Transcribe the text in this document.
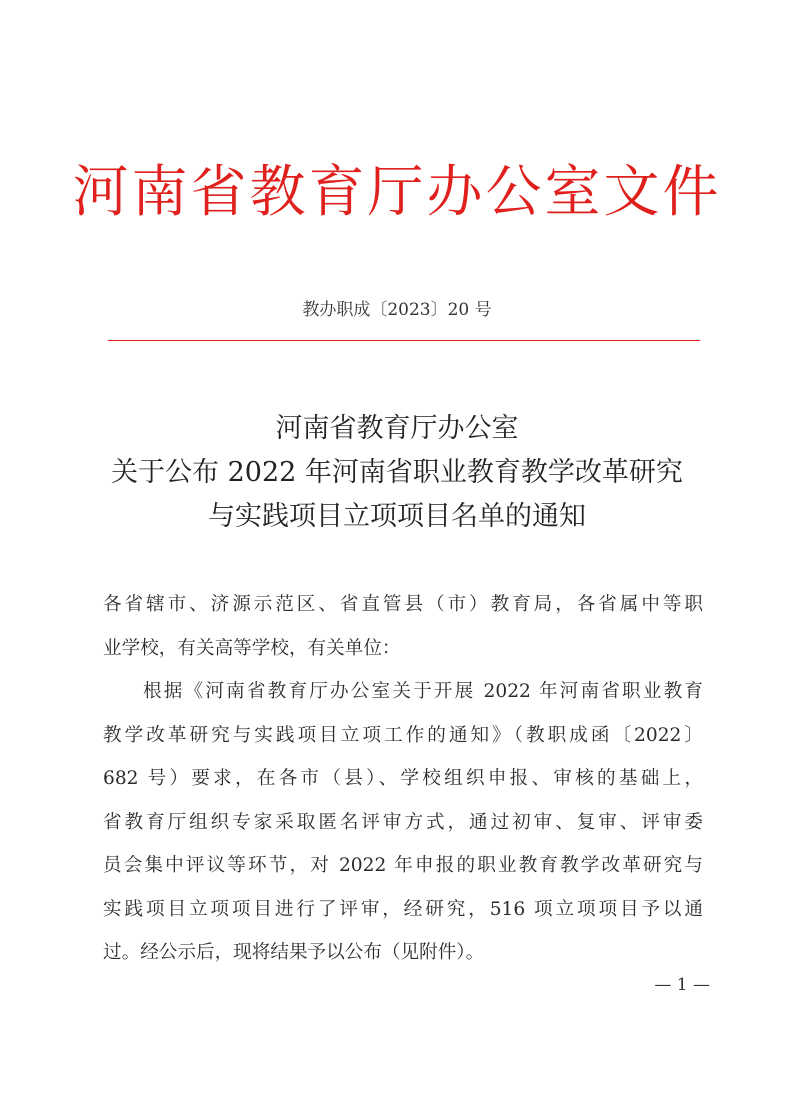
河南省教育厅办公室文件
教办职成〔2023〕20 号
河南省教育厅办公室
关于公布 2022 年河南省职业教育教学改革研究
与实践项目立项项目名单的通知
各省辖市、济源示范区、省直管县（市）教育局，各省属中等职
业学校，有关高等学校，有关单位：
根据《河南省教育厅办公室关于开展 2022 年河南省职业教育
教学改革研究与实践项目立项工作的通知》（教职成函〔2022〕
682 号）要求，在各市（县）、学校组织申报、审核的基础上，
省教育厅组织专家采取匿名评审方式，通过初审、复审、评审委
员会集中评议等环节，对 2022 年申报的职业教育教学改革研究与
实践项目立项项目进行了评审，经研究，516 项立项项目予以通
过。经公示后，现将结果予以公布（见附件）。
— 1 —
